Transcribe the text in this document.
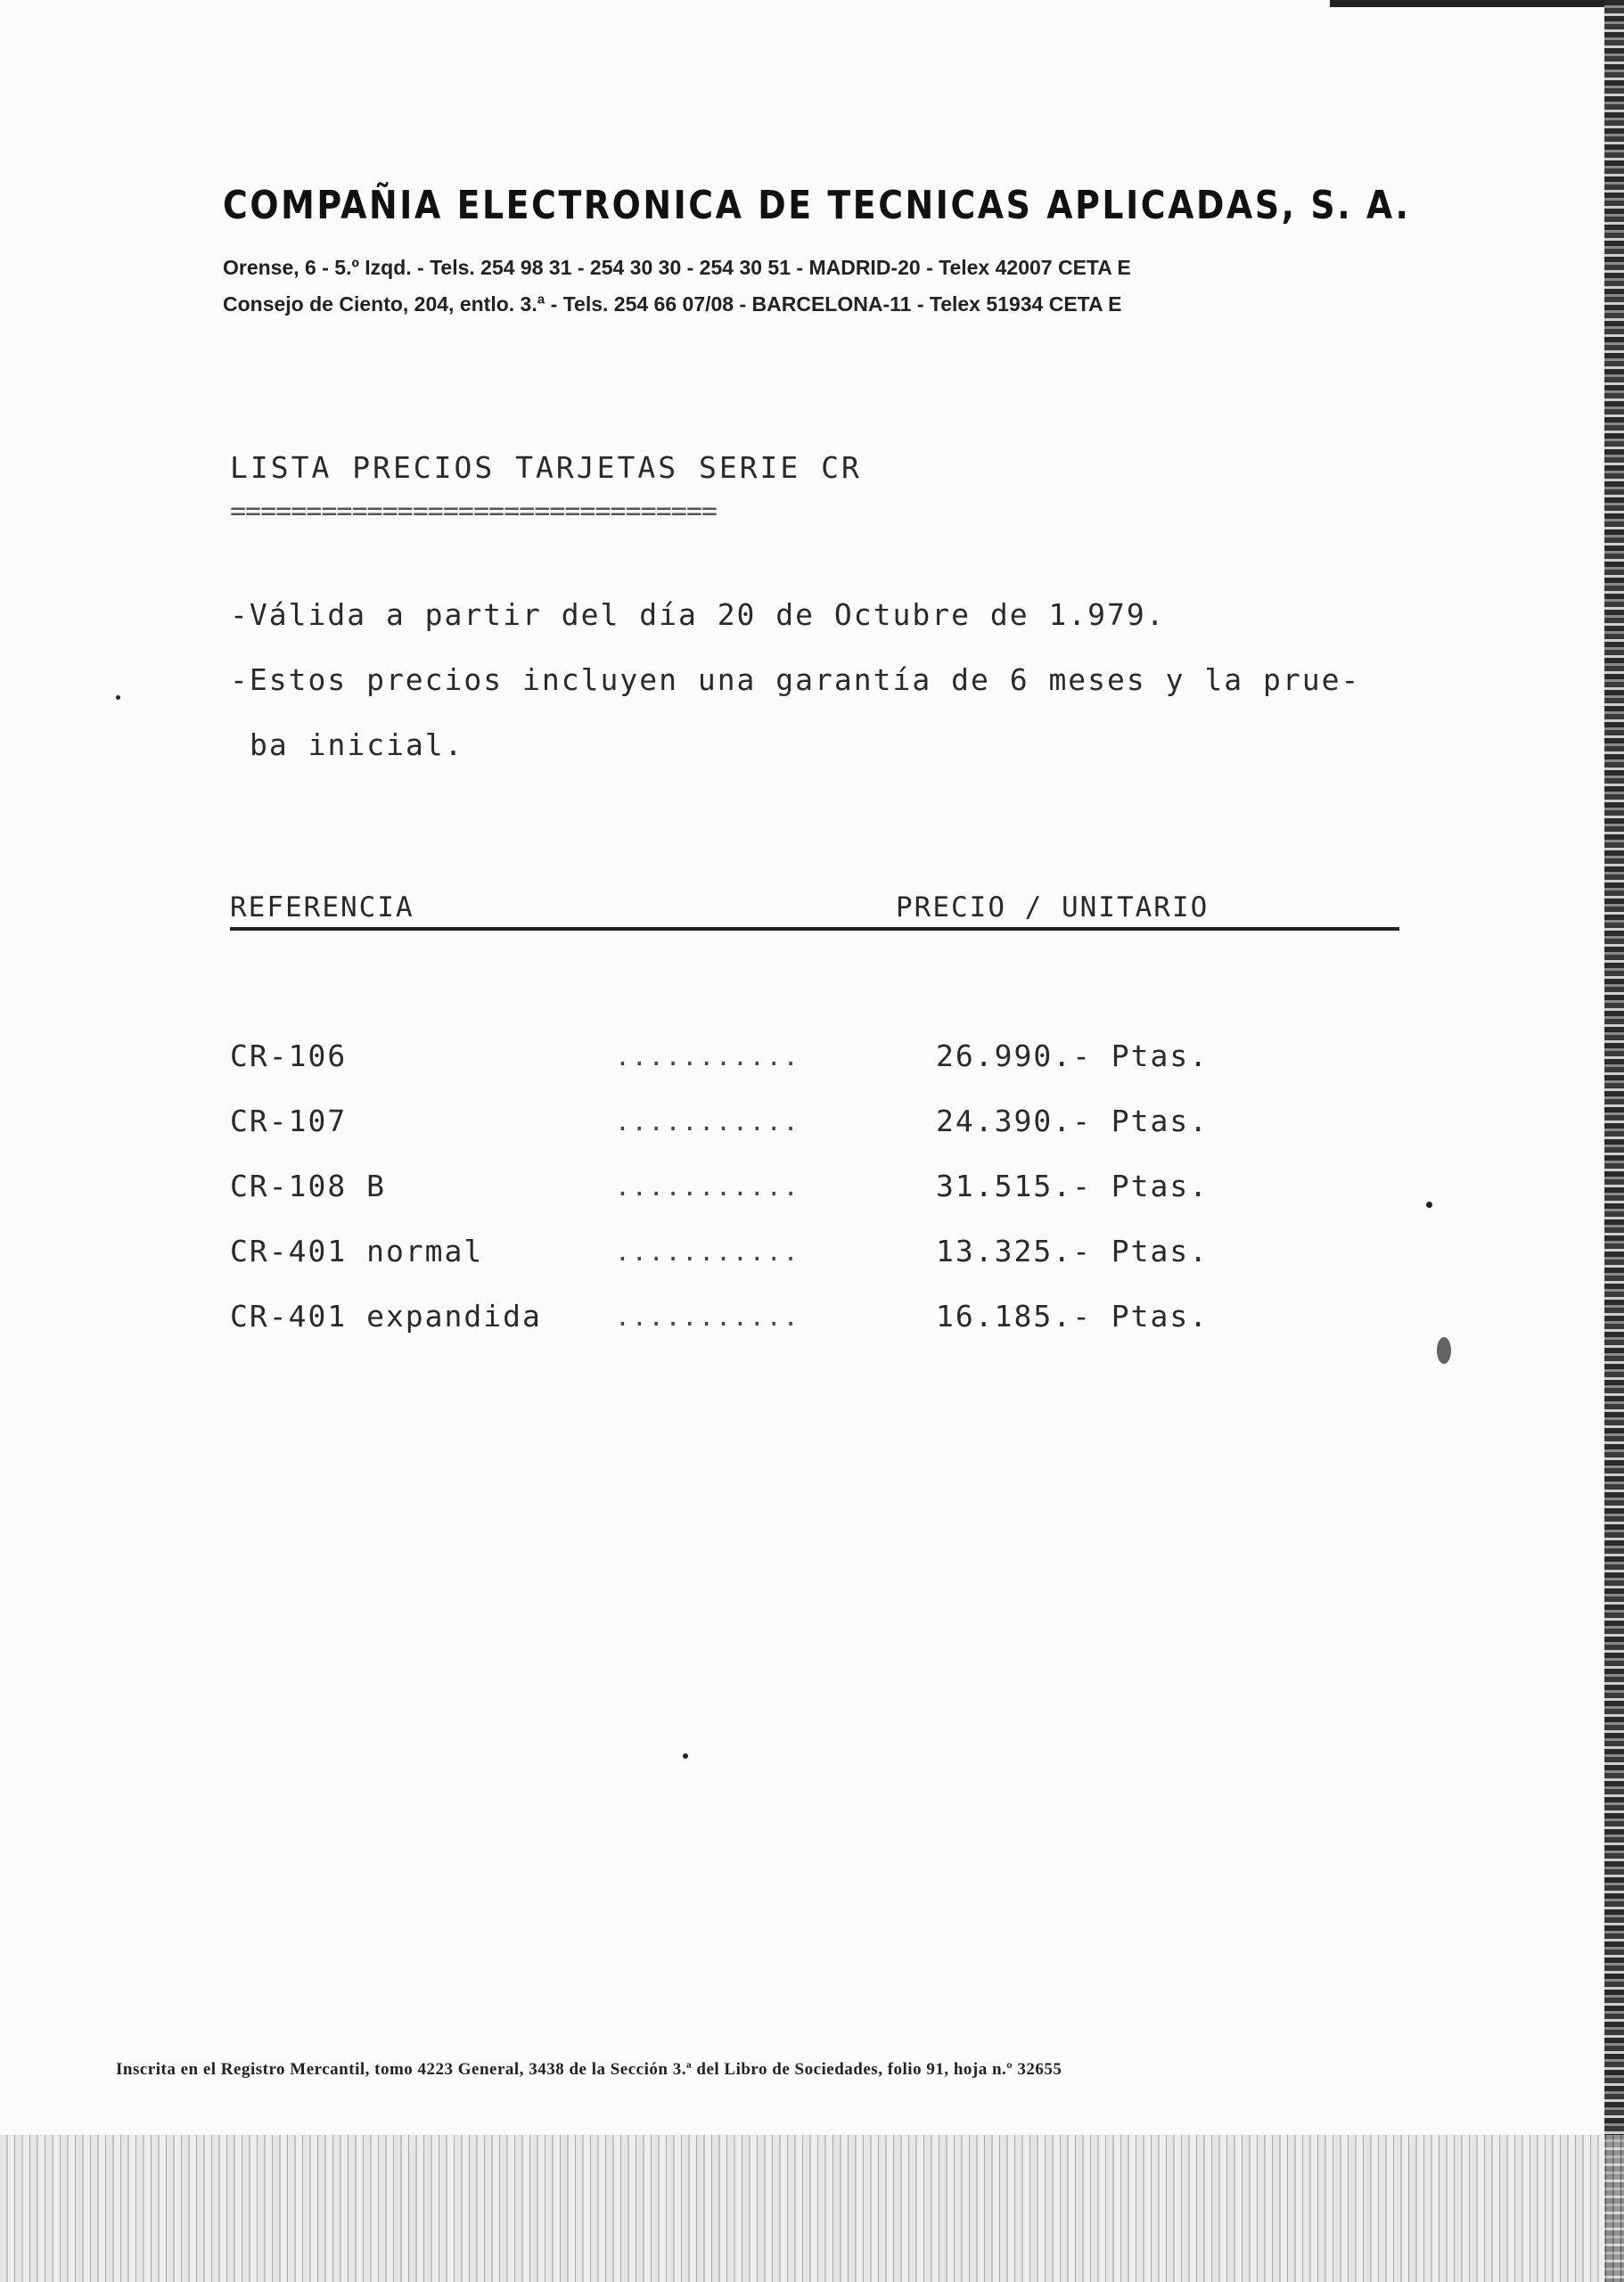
COMPAÑIA ELECTRONICA DE TECNICAS APLICADAS, S. A.
Orense, 6 - 5.º Izqd. - Tels. 254 98 31 - 254 30 30 - 254 30 51 - MADRID-20 - Telex 42007 CETA E
Consejo de Ciento, 204, entlo. 3.ª - Tels. 254 66 07/08 - BARCELONA-11 - Telex 51934 CETA E
LISTA PRECIOS TARJETAS SERIE CR
================================
-Válida a partir del día 20 de Octubre de 1.979.
-Estos precios incluyen una garantía de 6 meses y la prue-
ba inicial.
REFERENCIA	PRECIO / UNITARIO
CR-106	...........	26.990.- Ptas.
CR-107	...........	24.390.- Ptas.
CR-108 B	...........	31.515.- Ptas.
CR-401 normal	...........	13.325.- Ptas.
CR-401 expandida	...........	16.185.- Ptas.
Inscrita en el Registro Mercantil, tomo 4223 General, 3438 de la Sección 3.ª del Libro de Sociedades, folio 91, hoja n.º 32655
